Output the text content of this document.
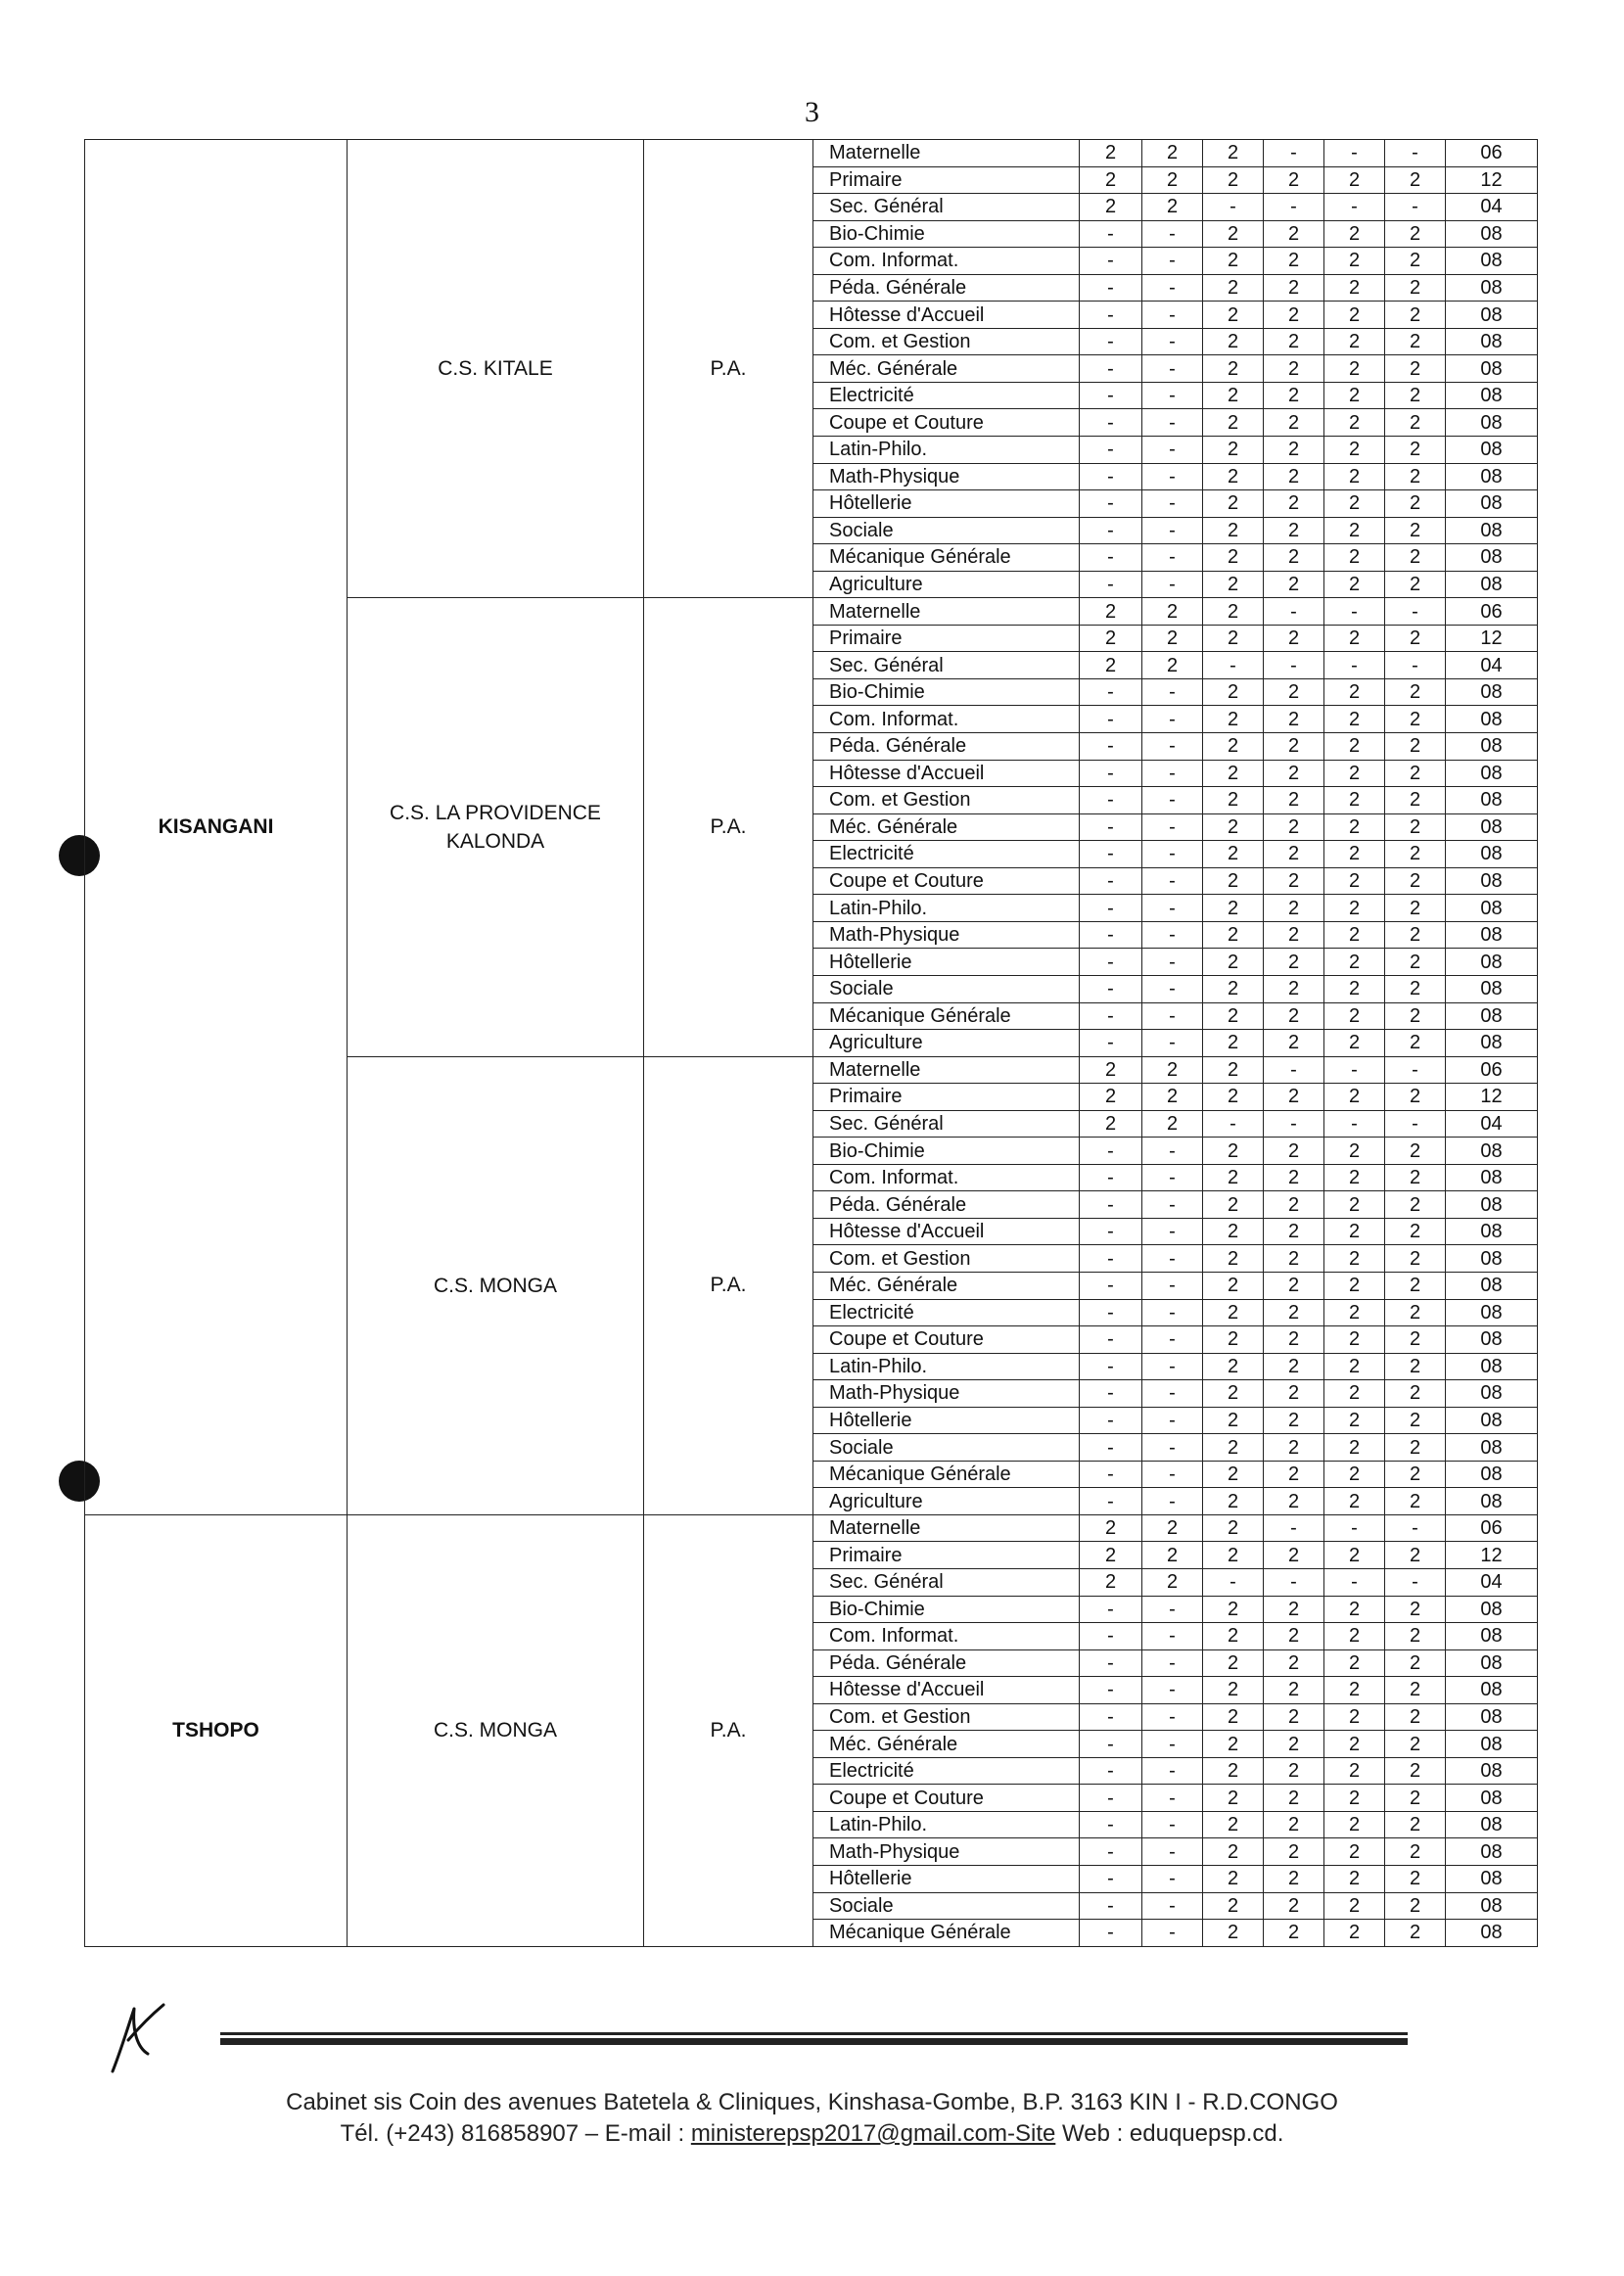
3
KISANGANI	C.S. KITALE	P.A.	Maternelle	2	2	2	-	-	-	06
			Primaire	2	2	2	2	2	2	12
			Sec. Général	2	2	-	-	-	-	04
			Bio-Chimie	-	-	2	2	2	2	08
			Com. Informat.	-	-	2	2	2	2	08
			Péda. Générale	-	-	2	2	2	2	08
			Hôtesse d'Accueil	-	-	2	2	2	2	08
			Com. et Gestion	-	-	2	2	2	2	08
			Méc. Générale	-	-	2	2	2	2	08
			Electricité	-	-	2	2	2	2	08
			Coupe et Couture	-	-	2	2	2	2	08
			Latin-Philo.	-	-	2	2	2	2	08
			Math-Physique	-	-	2	2	2	2	08
			Hôtellerie	-	-	2	2	2	2	08
			Sociale	-	-	2	2	2	2	08
			Mécanique Générale	-	-	2	2	2	2	08
			Agriculture	-	-	2	2	2	2	08
	C.S. LA PROVIDENCE KALONDA	P.A.	Maternelle	2	2	2	-	-	-	06
			Primaire	2	2	2	2	2	2	12
			Sec. Général	2	2	-	-	-	-	04
			Bio-Chimie	-	-	2	2	2	2	08
			Com. Informat.	-	-	2	2	2	2	08
			Péda. Générale	-	-	2	2	2	2	08
			Hôtesse d'Accueil	-	-	2	2	2	2	08
			Com. et Gestion	-	-	2	2	2	2	08
			Méc. Générale	-	-	2	2	2	2	08
			Electricité	-	-	2	2	2	2	08
			Coupe et Couture	-	-	2	2	2	2	08
			Latin-Philo.	-	-	2	2	2	2	08
			Math-Physique	-	-	2	2	2	2	08
			Hôtellerie	-	-	2	2	2	2	08
			Sociale	-	-	2	2	2	2	08
			Mécanique Générale	-	-	2	2	2	2	08
			Agriculture	-	-	2	2	2	2	08
	C.S. MONGA	P.A.	Maternelle	2	2	2	-	-	-	06
			Primaire	2	2	2	2	2	2	12
			Sec. Général	2	2	-	-	-	-	04
			Bio-Chimie	-	-	2	2	2	2	08
			Com. Informat.	-	-	2	2	2	2	08
			Péda. Générale	-	-	2	2	2	2	08
			Hôtesse d'Accueil	-	-	2	2	2	2	08
			Com. et Gestion	-	-	2	2	2	2	08
			Méc. Générale	-	-	2	2	2	2	08
			Electricité	-	-	2	2	2	2	08
			Coupe et Couture	-	-	2	2	2	2	08
			Latin-Philo.	-	-	2	2	2	2	08
			Math-Physique	-	-	2	2	2	2	08
			Hôtellerie	-	-	2	2	2	2	08
			Sociale	-	-	2	2	2	2	08
			Mécanique Générale	-	-	2	2	2	2	08
			Agriculture	-	-	2	2	2	2	08
TSHOPO	C.S. MONGA	P.A.	Maternelle	2	2	2	-	-	-	06
			Primaire	2	2	2	2	2	2	12
			Sec. Général	2	2	-	-	-	-	04
			Bio-Chimie	-	-	2	2	2	2	08
			Com. Informat.	-	-	2	2	2	2	08
			Péda. Générale	-	-	2	2	2	2	08
			Hôtesse d'Accueil	-	-	2	2	2	2	08
			Com. et Gestion	-	-	2	2	2	2	08
			Méc. Générale	-	-	2	2	2	2	08
			Electricité	-	-	2	2	2	2	08
			Coupe et Couture	-	-	2	2	2	2	08
			Latin-Philo.	-	-	2	2	2	2	08
			Math-Physique	-	-	2	2	2	2	08
			Hôtellerie	-	-	2	2	2	2	08
			Sociale	-	-	2	2	2	2	08
			Mécanique Générale	-	-	2	2	2	2	08
Cabinet sis Coin des avenues Batetela & Cliniques, Kinshasa-Gombe, B.P. 3163 KIN I - R.D.CONGO
Tél. (+243) 816858907 – E-mail : ministerepsp2017@gmail.com-Site Web : eduquepsp.cd.
